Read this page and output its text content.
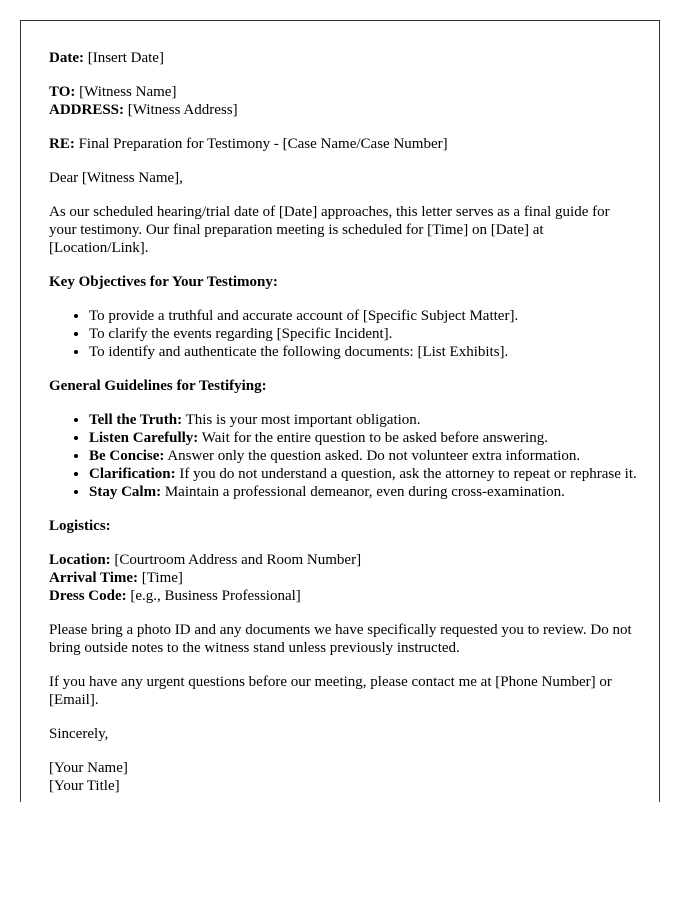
Date: [Insert Date]

TO: [Witness Name]
ADDRESS: [Witness Address]

RE: Final Preparation for Testimony - [Case Name/Case Number]

Dear [Witness Name],

As our scheduled hearing/trial date of [Date] approaches, this letter serves as a final guide for your testimony. Our final preparation meeting is scheduled for [Time] on [Date] at [Location/Link].

Key Objectives for Your Testimony:
• To provide a truthful and accurate account of [Specific Subject Matter].
• To clarify the events regarding [Specific Incident].
• To identify and authenticate the following documents: [List Exhibits].
General Guidelines for Testifying:
• Tell the Truth: This is your most important obligation.
• Listen Carefully: Wait for the entire question to be asked before answering.
• Be Concise: Answer only the question asked. Do not volunteer extra information.
• Clarification: If you do not understand a question, ask the attorney to repeat or rephrase it.
• Stay Calm: Maintain a professional demeanor, even during cross-examination.
Logistics:
Location: [Courtroom Address and Room Number]
Arrival Time: [Time]
Dress Code: [e.g., Business Professional]

Please bring a photo ID and any documents we have specifically requested you to review. Do not bring outside notes to the witness stand unless previously instructed.

If you have any urgent questions before our meeting, please contact me at [Phone Number] or [Email].

Sincerely,

[Your Name]
[Your Title]
